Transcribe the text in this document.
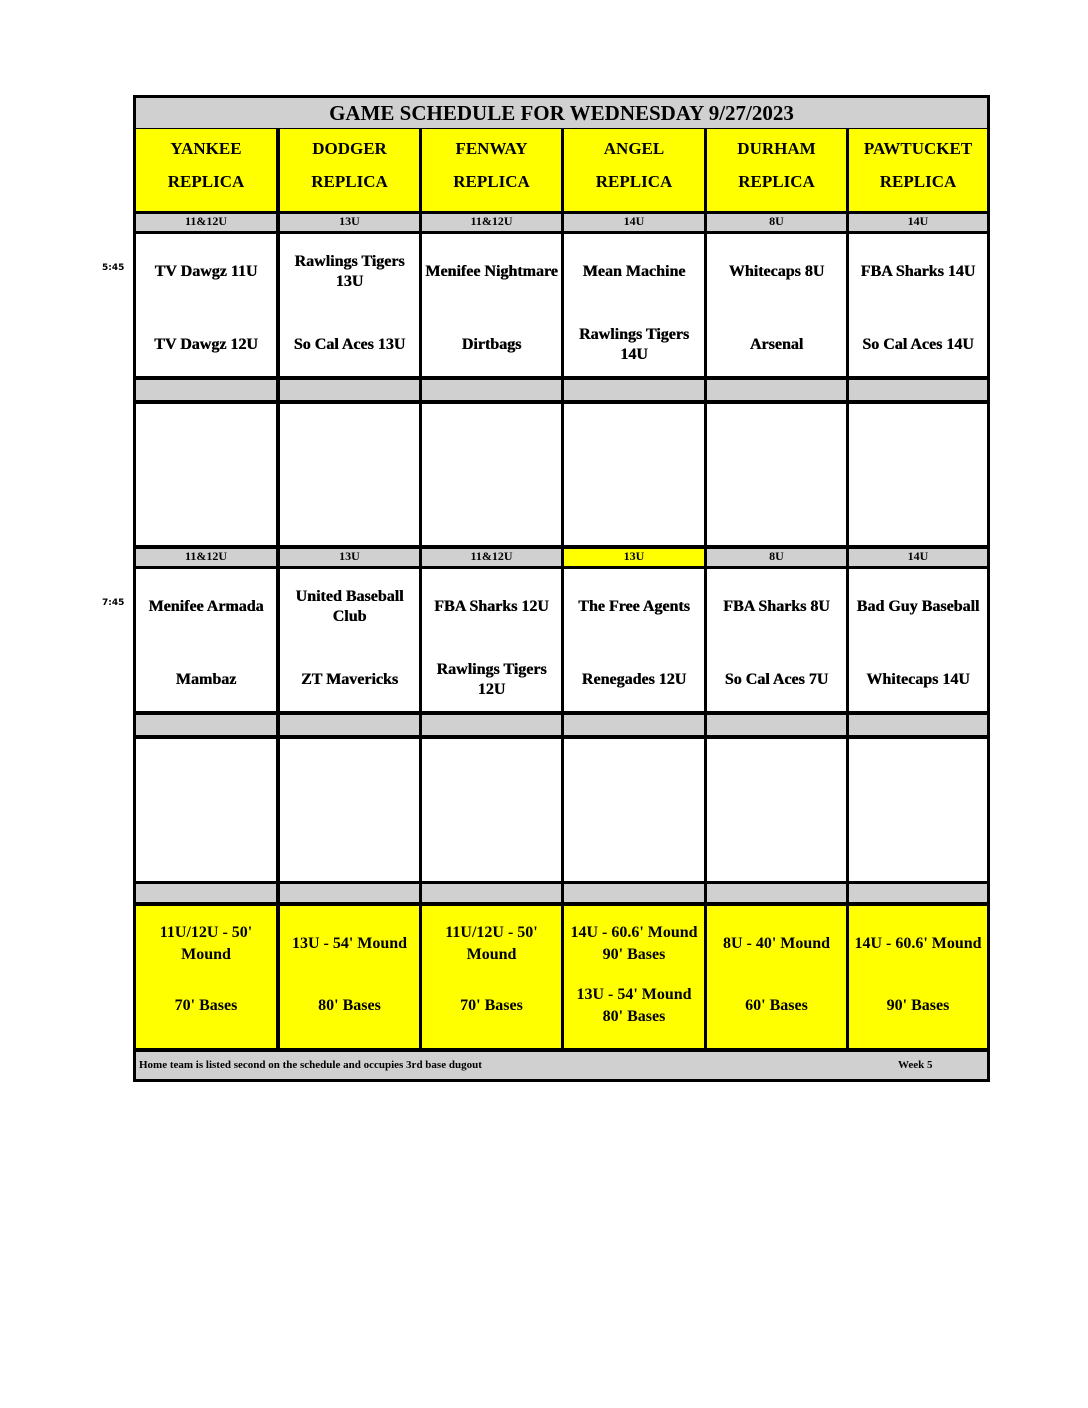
GAME SCHEDULE FOR WEDNESDAY 9/27/2023
YANKEE
REPLICA
11&12U
TV Dawgz 11U
TV Dawgz 12U
11&12U
Menifee Armada
Mambaz
11U/12U - 50' Mound
70' Bases
DODGER
REPLICA
13U
Rawlings Tigers 13U
So Cal Aces 13U
13U
United Baseball Club
ZT Mavericks
13U - 54' Mound
80' Bases
FENWAY
REPLICA
11&12U
Menifee Nightmare
Dirtbags
11&12U
FBA Sharks 12U
Rawlings Tigers 12U
11U/12U - 50' Mound
70' Bases
ANGEL
REPLICA
14U
Mean Machine
Rawlings Tigers 14U
13U
The Free Agents
Renegades 12U
14U - 60.6' Mound 90' Bases
13U - 54' Mound 80' Bases
DURHAM
REPLICA
8U
Whitecaps 8U
Arsenal
8U
FBA Sharks 8U
So Cal Aces 7U
8U - 40' Mound
60' Bases
PAWTUCKET
REPLICA
14U
FBA Sharks 14U
So Cal Aces 14U
14U
Bad Guy Baseball
Whitecaps 14U
14U - 60.6' Mound
90' Bases
Home team is listed second on the schedule and occupies 3rd base dugout	Week 5
5:45
7:45
